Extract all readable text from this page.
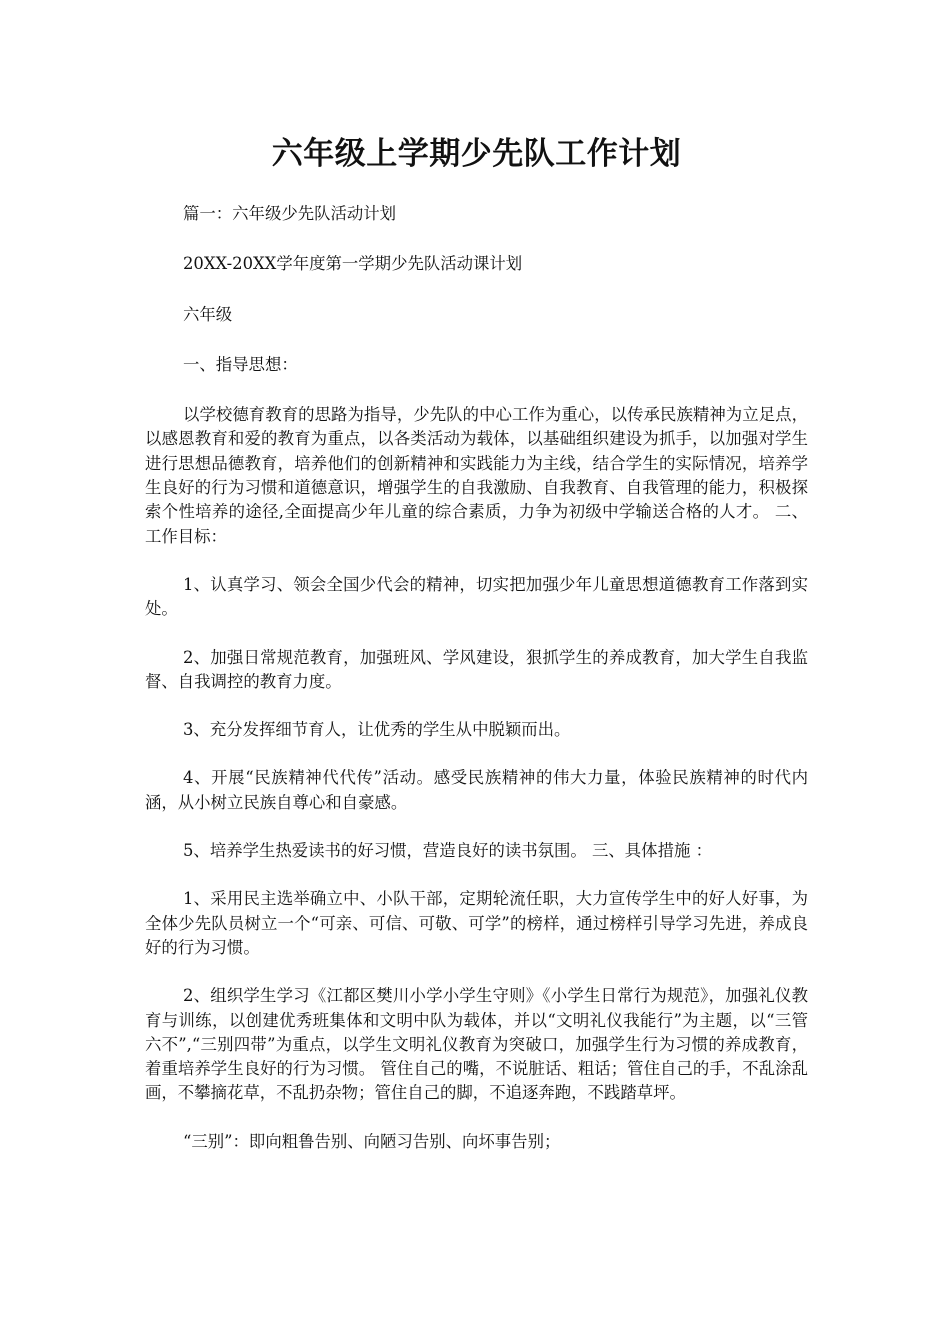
六年级上学期少先队工作计划

篇一：六年级少先队活动计划

20XX-20XX学年度第一学期少先队活动课计划

六年级

一、指导思想：

以学校德育教育的思路为指导，少先队的中心工作为重心，以传承民族精神为立足点，以感恩教育和爱的教育为重点，以各类活动为载体，以基础组织建设为抓手，以加强对学生进行思想品德教育，培养他们的创新精神和实践能力为主线，结合学生的实际情况，培养学生良好的行为习惯和道德意识，增强学生的自我激励、自我教育、自我管理的能力，积极探索个性培养的途径,全面提高少年儿童的综合素质，力争为初级中学输送合格的人才。 二、工作目标：

1、认真学习、领会全国少代会的精神，切实把加强少年儿童思想道德教育工作落到实处。

2、加强日常规范教育，加强班风、学风建设，狠抓学生的养成教育，加大学生自我监督、自我调控的教育力度。

3、充分发挥细节育人，让优秀的学生从中脱颖而出。

4、开展“民族精神代代传”活动。感受民族精神的伟大力量，体验民族精神的时代内涵，从小树立民族自尊心和自豪感。

5、培养学生热爱读书的好习惯，营造良好的读书氛围。 三、具体措施 ：

1、采用民主选举确立中、小队干部，定期轮流任职，大力宣传学生中的好人好事，为全体少先队员树立一个“可亲、可信、可敬、可学”的榜样，通过榜样引导学习先进，养成良好的行为习惯。

2、组织学生学习《江都区樊川小学小学生守则》《小学生日常行为规范》，加强礼仪教育与训练，以创建优秀班集体和文明中队为载体，并以“文明礼仪我能行”为主题，以“三管六不”,“三别四带”为重点，以学生文明礼仪教育为突破口，加强学生行为习惯的养成教育，着重培养学生良好的行为习惯。 管住自己的嘴，不说脏话、粗话；管住自己的手，不乱涂乱画，不攀摘花草，不乱扔杂物；管住自己的脚，不追逐奔跑，不践踏草坪。

“三别”：即向粗鲁告别、向陋习告别、向坏事告别；
